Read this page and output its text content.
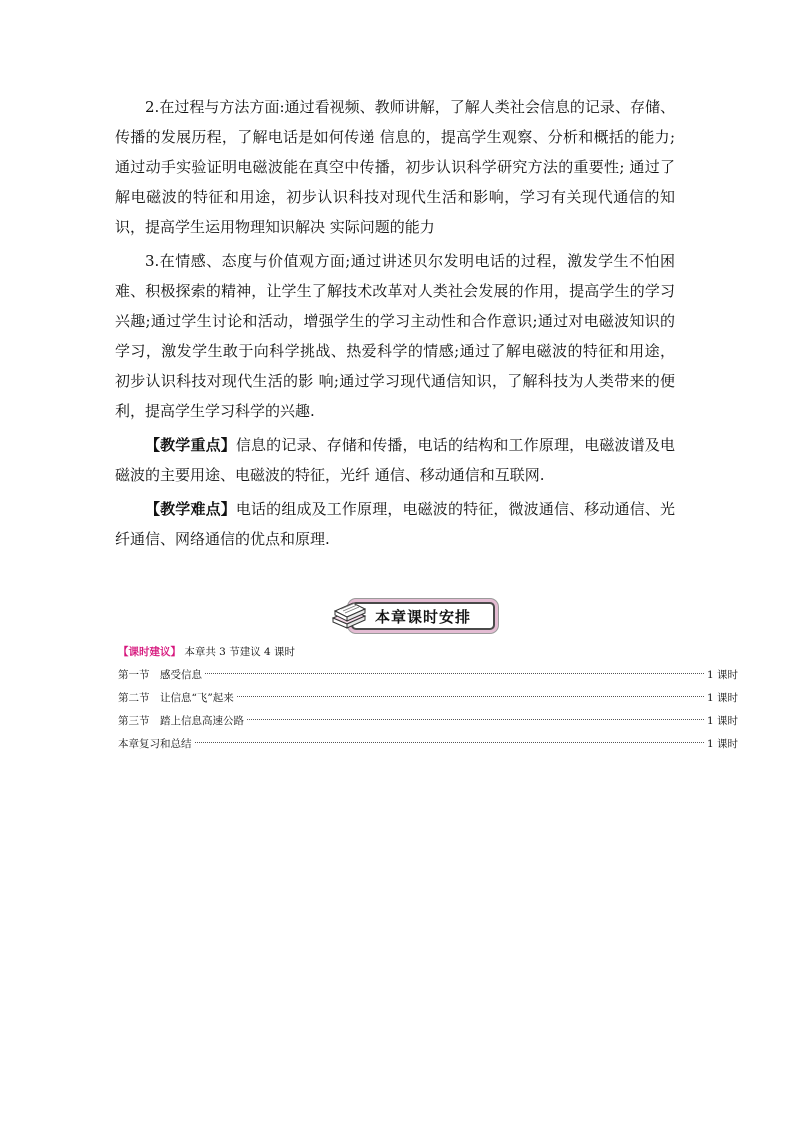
2.在过程与方法方面:通过看视频、教师讲解，了解人类社会信息的记录、存储、传播的发展历程，了解电话是如何传递 信息的，提高学生观察、分析和概括的能力;通过动手实验证明电磁波能在真空中传播，初步认识科学研究方法的重要性; 通过了解电磁波的特征和用途，初步认识科技对现代生活和影响，学习有关现代通信的知识，提高学生运用物理知识解决 实际问题的能力

3.在情感、态度与价值观方面;通过讲述贝尔发明电话的过程，激发学生不怕困难、积极探索的精神，让学生了解技术改革对人类社会发展的作用，提高学生的学习兴趣;通过学生讨论和活动，增强学生的学习主动性和合作意识;通过对电磁波知识的学习，激发学生敢于向科学挑战、热爱科学的情感;通过了解电磁波的特征和用途，初步认识科技对现代生活的影 响;通过学习现代通信知识，了解科技为人类带来的便利，提高学生学习科学的兴趣.

【教学重点】信息的记录、存储和传播，电话的结构和工作原理，电磁波谱及电磁波的主要用途、电磁波的特征，光纤 通信、移动通信和互联网.

【教学难点】电话的组成及工作原理，电磁波的特征，微波通信、移动通信、光纤通信、网络通信的优点和原理.

本章课时安排
【课时建议】 本章共 3 节建议 4 课时
第一节　感受信息	1 课时
第二节　让信息“飞”起来	1 课时
第三节　踏上信息高速公路	1 课时
本章复习和总结	1 课时
